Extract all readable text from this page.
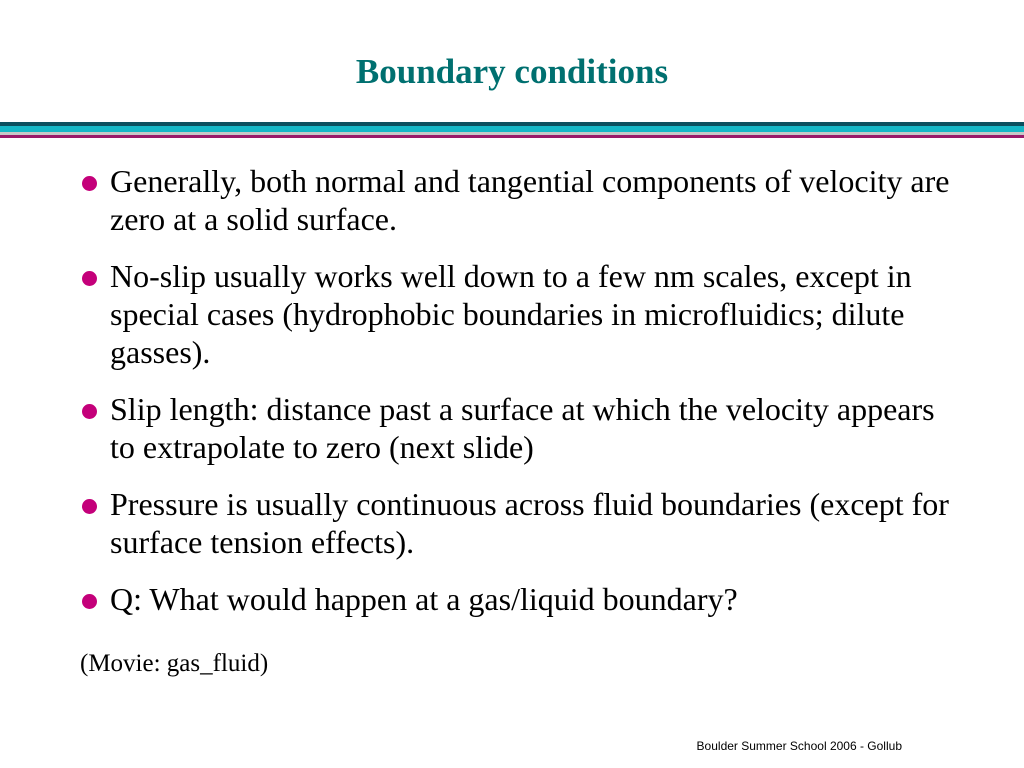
Boundary conditions
Generally, both normal and tangential components of velocity are zero at a solid surface.
No-slip usually works well down to a few nm scales, except in special cases (hydrophobic boundaries in microfluidics; dilute gasses).
Slip length: distance past a surface at which the velocity appears to extrapolate to zero (next slide)
Pressure is usually continuous across fluid boundaries (except for surface tension effects).
Q: What would happen at a gas/liquid boundary?
(Movie: gas_fluid)
Boulder Summer School 2006 - Gollub
